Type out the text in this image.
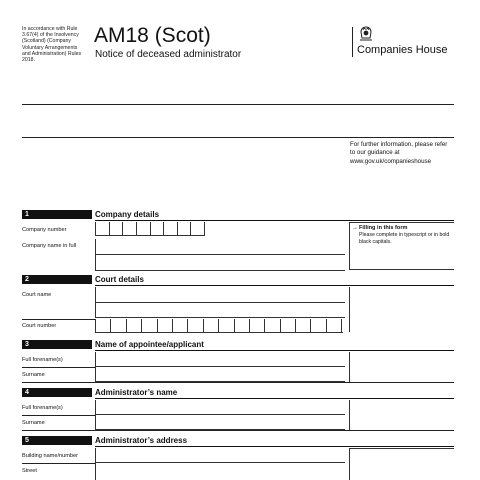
In accordance with Rule 3.67(4) of the Insolvency (Scotland) (Company Voluntary Arrangements and Administration) Rules 2018.
AM18 (Scot)
Notice of deceased administrator	Companies House
For further information, please refer to our guidance at www.gov.uk/companieshouse
1	Company details
Company number
Company name in full
→ Filling in this form
Please complete in typescript or in bold black capitals.
2	Court details
Court name
Court number
3	Name of appointee/applicant
Full forename(s)
Surname
4	Administrator’s name
Full forename(s)
Surname
5	Administrator’s address
Building name/number
Street
